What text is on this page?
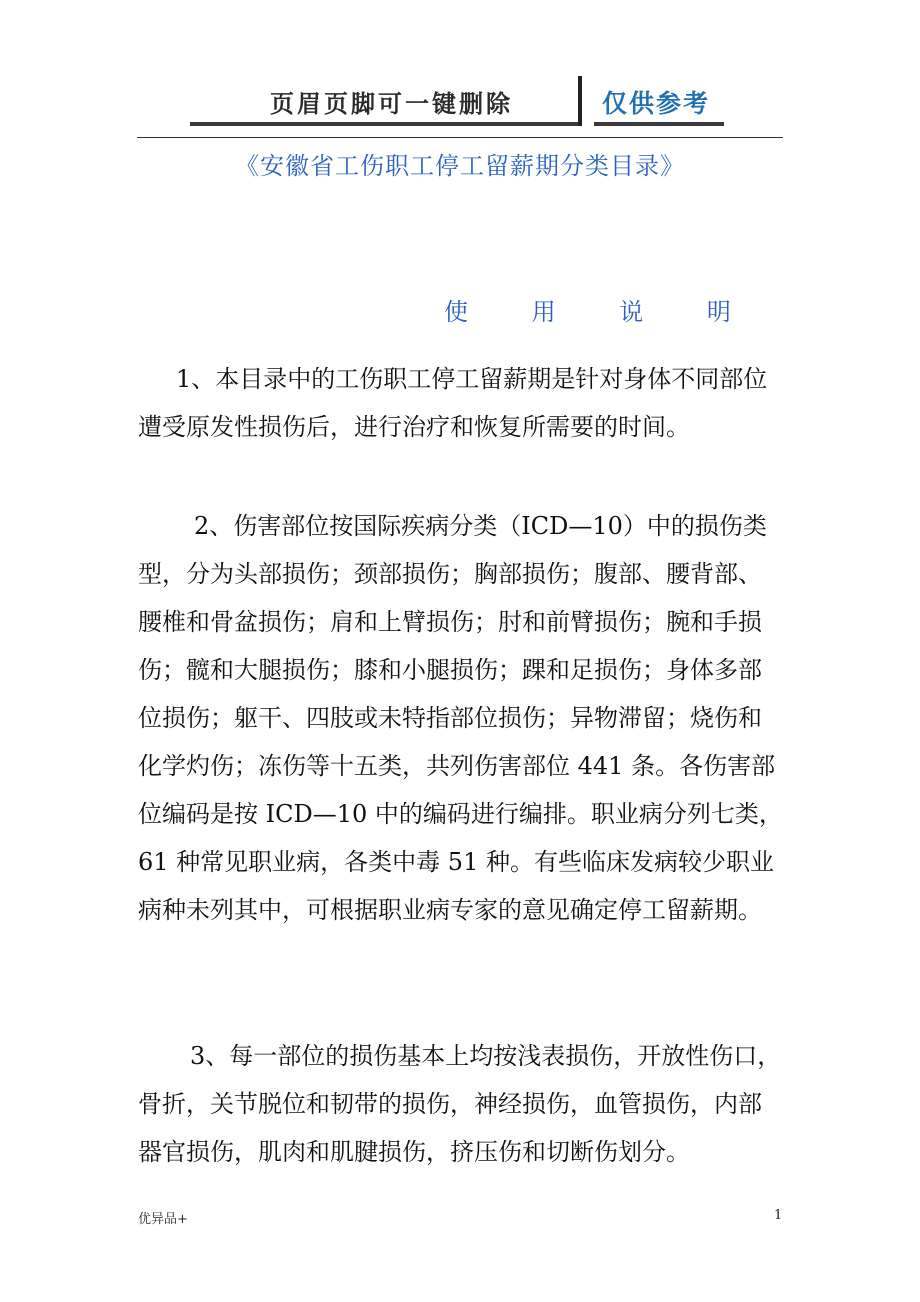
页眉页脚可一键删除	仅供参考
《安徽省工伤职工停工留薪期分类目录》
使 用 说 明
1、本目录中的工伤职工停工留薪期是针对身体不同部位
遭受原发性损伤后，进行治疗和恢复所需要的时间。
2、伤害部位按国际疾病分类（ICD—10）中的损伤类
型，分为头部损伤；颈部损伤；胸部损伤；腹部、腰背部、
腰椎和骨盆损伤；肩和上臂损伤；肘和前臂损伤；腕和手损
伤；髋和大腿损伤；膝和小腿损伤；踝和足损伤；身体多部
位损伤；躯干、四肢或未特指部位损伤；异物滞留；烧伤和
化学灼伤；冻伤等十五类，共列伤害部位 441 条。各伤害部
位编码是按 ICD—10 中的编码进行编排。职业病分列七类，
61 种常见职业病，各类中毒 51 种。有些临床发病较少职业
病种未列其中，可根据职业病专家的意见确定停工留薪期。
3、每一部位的损伤基本上均按浅表损伤，开放性伤口，
骨折，关节脱位和韧带的损伤，神经损伤，血管损伤，内部
器官损伤，肌肉和肌腱损伤，挤压伤和切断伤划分。
优异品+	1
